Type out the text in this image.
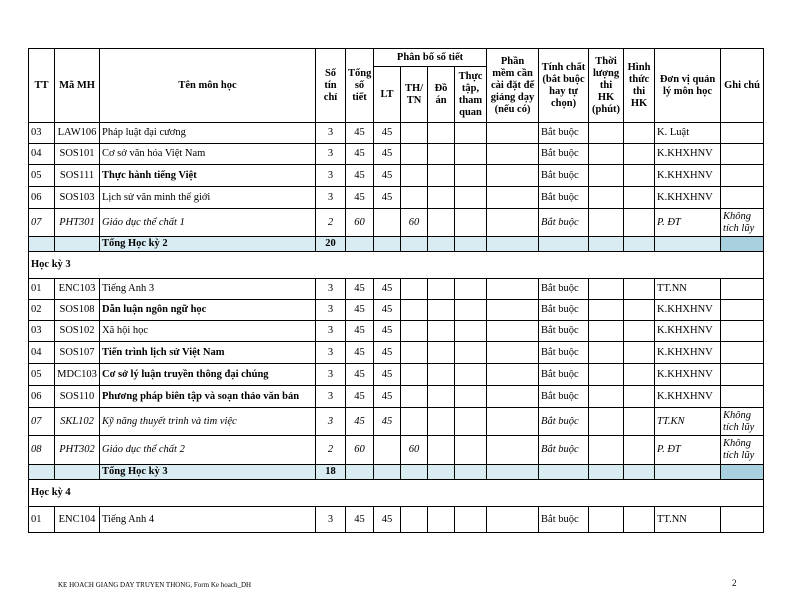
TT	Mã MH	Tên môn học	Số tín chỉ	Tổng số tiết	Phân bố số tiết				Phần mềm cần cài đặt để giảng dạy (nếu có)	Tính chất (bắt buộc hay tự chọn)	Thời lượng thi HK (phút)	Hình thức thi HK	Đơn vị quản lý môn học	Ghi chú
					LT	TH/ TN	Đồ án	Thực tập, tham quan						
03	LAW106	Pháp luật đại cương	3	45	45					Bắt buộc			K. Luật	
04	SOS101	Cơ sở văn hóa Việt Nam	3	45	45					Bắt buộc			K.KHXHNV	
05	SOS111	Thực hành tiếng Việt	3	45	45					Bắt buộc			K.KHXHNV	
06	SOS103	Lịch sử văn minh thế giới	3	45	45					Bắt buộc			K.KHXHNV	
07	PHT301	Giáo dục thể chất 1	2	60		60				Bắt buộc			P. ĐT	Không tích lũy
		Tổng Học kỳ 2	20											
Học kỳ 3														
01	ENC103	Tiếng Anh 3	3	45	45					Bắt buộc			TT.NN	
02	SOS108	Dẫn luận ngôn ngữ học	3	45	45					Bắt buộc			K.KHXHNV	
03	SOS102	Xã hội học	3	45	45					Bắt buộc			K.KHXHNV	
04	SOS107	Tiến trình lịch sử Việt Nam	3	45	45					Bắt buộc			K.KHXHNV	
05	MDC103	Cơ sở lý luận truyền thông đại chúng	3	45	45					Bắt buộc			K.KHXHNV	
06	SOS110	Phương pháp biên tập và soạn thảo văn bản	3	45	45					Bắt buộc			K.KHXHNV	
07	SKL102	Kỹ năng thuyết trình và tìm việc	3	45	45					Bắt buộc			TT.KN	Không tích lũy
08	PHT302	Giáo dục thể chất 2	2	60		60				Bắt buộc			P. ĐT	Không tích lũy
		Tổng Học kỳ 3	18											
Học kỳ 4														
01	ENC104	Tiếng Anh 4	3	45	45					Bắt buộc			TT.NN	
KE HOACH GIANG DAY TRUYEN THONG, Form Ke hoach_DH	2
